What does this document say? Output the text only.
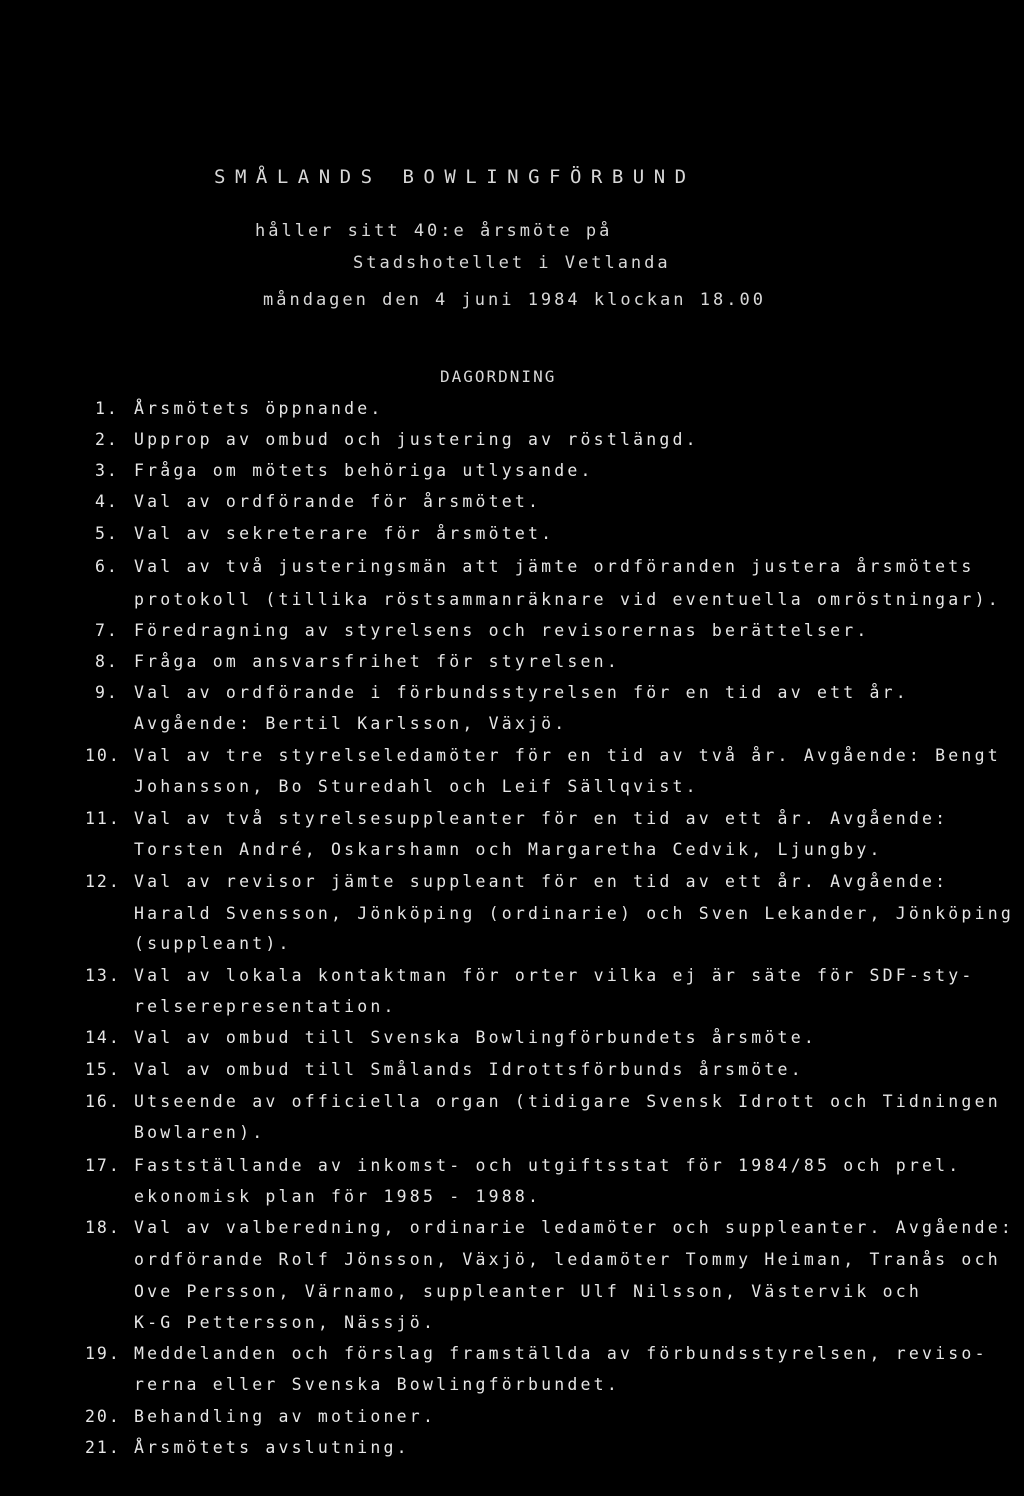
SMÅLANDS BOWLINGFÖRBUND
håller sitt 40:e årsmöte på
Stadshotellet i Vetlanda
måndagen den 4 juni 1984 klockan 18.00
DAGORDNING
1. Årsmötets öppnande.
2. Upprop av ombud och justering av röstlängd.
3. Fråga om mötets behöriga utlysande.
4. Val av ordförande för årsmötet.
5. Val av sekreterare för årsmötet.
6. Val av två justeringsmän att jämte ordföranden justera årsmötets
protokoll (tillika röstsammanräknare vid eventuella omröstningar).
7. Föredragning av styrelsens och revisorernas berättelser.
8. Fråga om ansvarsfrihet för styrelsen.
9. Val av ordförande i förbundsstyrelsen för en tid av ett år.
Avgående: Bertil Karlsson, Växjö.
10. Val av tre styrelseledamöter för en tid av två år. Avgående: Bengt
Johansson, Bo Sturedahl och Leif Sällqvist.
11. Val av två styrelsesuppleanter för en tid av ett år. Avgående:
Torsten André, Oskarshamn och Margaretha Cedvik, Ljungby.
12. Val av revisor jämte suppleant för en tid av ett år. Avgående:
Harald Svensson, Jönköping (ordinarie) och Sven Lekander, Jönköping
(suppleant).
13. Val av lokala kontaktman för orter vilka ej är säte för SDF-sty-
relserepresentation.
14. Val av ombud till Svenska Bowlingförbundets årsmöte.
15. Val av ombud till Smålands Idrottsförbunds årsmöte.
16. Utseende av officiella organ (tidigare Svensk Idrott och Tidningen
Bowlaren).
17. Fastställande av inkomst- och utgiftsstat för 1984/85 och prel.
ekonomisk plan för 1985 - 1988.
18. Val av valberedning, ordinarie ledamöter och suppleanter. Avgående:
ordförande Rolf Jönsson, Växjö, ledamöter Tommy Heiman, Tranås och
Ove Persson, Värnamo, suppleanter Ulf Nilsson, Västervik och
K-G Pettersson, Nässjö.
19. Meddelanden och förslag framställda av förbundsstyrelsen, reviso-
rerna eller Svenska Bowlingförbundet.
20. Behandling av motioner.
21. Årsmötets avslutning.
